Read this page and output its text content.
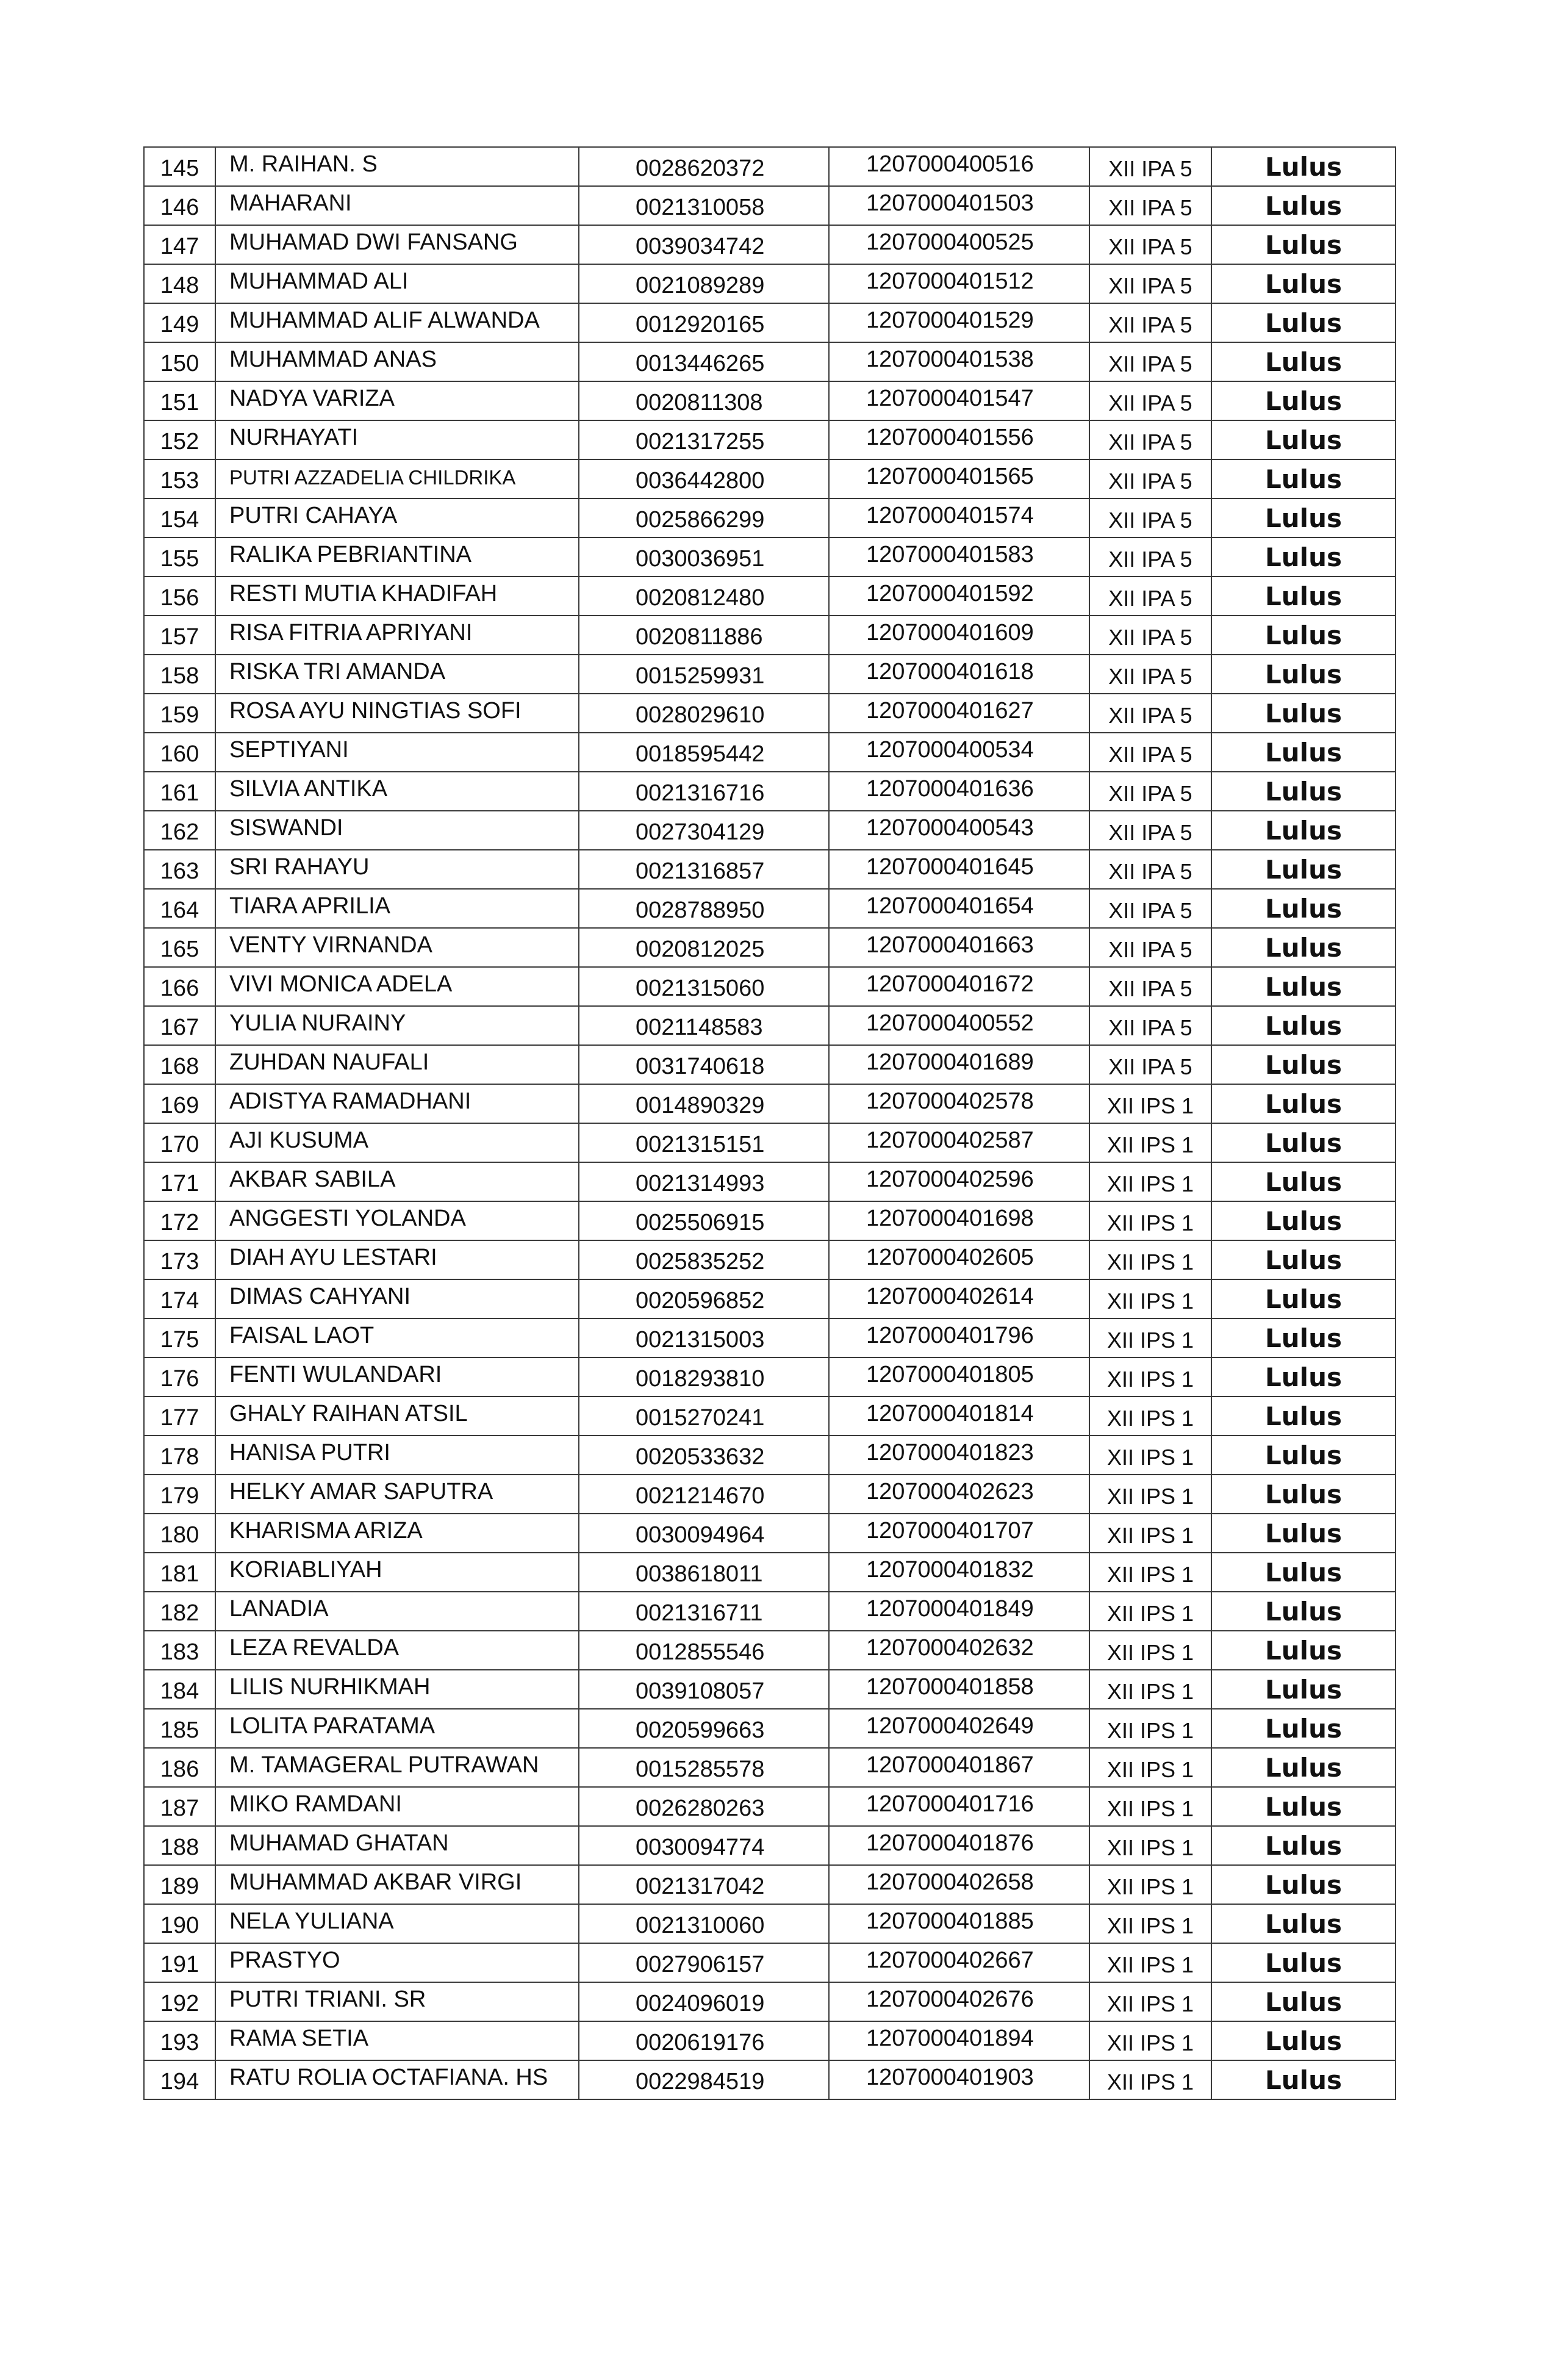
145	M. RAIHAN. S	0028620372	1207000400516	XII IPA 5	Lulus
146	MAHARANI	0021310058	1207000401503	XII IPA 5	Lulus
147	MUHAMAD DWI FANSANG	0039034742	1207000400525	XII IPA 5	Lulus
148	MUHAMMAD ALI	0021089289	1207000401512	XII IPA 5	Lulus
149	MUHAMMAD ALIF ALWANDA	0012920165	1207000401529	XII IPA 5	Lulus
150	MUHAMMAD ANAS	0013446265	1207000401538	XII IPA 5	Lulus
151	NADYA VARIZA	0020811308	1207000401547	XII IPA 5	Lulus
152	NURHAYATI	0021317255	1207000401556	XII IPA 5	Lulus
153	PUTRI AZZADELIA CHILDRIKA	0036442800	1207000401565	XII IPA 5	Lulus
154	PUTRI CAHAYA	0025866299	1207000401574	XII IPA 5	Lulus
155	RALIKA PEBRIANTINA	0030036951	1207000401583	XII IPA 5	Lulus
156	RESTI MUTIA KHADIFAH	0020812480	1207000401592	XII IPA 5	Lulus
157	RISA FITRIA APRIYANI	0020811886	1207000401609	XII IPA 5	Lulus
158	RISKA TRI AMANDA	0015259931	1207000401618	XII IPA 5	Lulus
159	ROSA AYU NINGTIAS SOFI	0028029610	1207000401627	XII IPA 5	Lulus
160	SEPTIYANI	0018595442	1207000400534	XII IPA 5	Lulus
161	SILVIA ANTIKA	0021316716	1207000401636	XII IPA 5	Lulus
162	SISWANDI	0027304129	1207000400543	XII IPA 5	Lulus
163	SRI RAHAYU	0021316857	1207000401645	XII IPA 5	Lulus
164	TIARA APRILIA	0028788950	1207000401654	XII IPA 5	Lulus
165	VENTY VIRNANDA	0020812025	1207000401663	XII IPA 5	Lulus
166	VIVI MONICA ADELA	0021315060	1207000401672	XII IPA 5	Lulus
167	YULIA NURAINY	0021148583	1207000400552	XII IPA 5	Lulus
168	ZUHDAN NAUFALI	0031740618	1207000401689	XII IPA 5	Lulus
169	ADISTYA RAMADHANI	0014890329	1207000402578	XII IPS 1	Lulus
170	AJI KUSUMA	0021315151	1207000402587	XII IPS 1	Lulus
171	AKBAR SABILA	0021314993	1207000402596	XII IPS 1	Lulus
172	ANGGESTI YOLANDA	0025506915	1207000401698	XII IPS 1	Lulus
173	DIAH AYU LESTARI	0025835252	1207000402605	XII IPS 1	Lulus
174	DIMAS CAHYANI	0020596852	1207000402614	XII IPS 1	Lulus
175	FAISAL LAOT	0021315003	1207000401796	XII IPS 1	Lulus
176	FENTI WULANDARI	0018293810	1207000401805	XII IPS 1	Lulus
177	GHALY RAIHAN ATSIL	0015270241	1207000401814	XII IPS 1	Lulus
178	HANISA PUTRI	0020533632	1207000401823	XII IPS 1	Lulus
179	HELKY AMAR SAPUTRA	0021214670	1207000402623	XII IPS 1	Lulus
180	KHARISMA ARIZA	0030094964	1207000401707	XII IPS 1	Lulus
181	KORIABLIYAH	0038618011	1207000401832	XII IPS 1	Lulus
182	LANADIA	0021316711	1207000401849	XII IPS 1	Lulus
183	LEZA REVALDA	0012855546	1207000402632	XII IPS 1	Lulus
184	LILIS NURHIKMAH	0039108057	1207000401858	XII IPS 1	Lulus
185	LOLITA PARATAMA	0020599663	1207000402649	XII IPS 1	Lulus
186	M. TAMAGERAL PUTRAWAN	0015285578	1207000401867	XII IPS 1	Lulus
187	MIKO RAMDANI	0026280263	1207000401716	XII IPS 1	Lulus
188	MUHAMAD GHATAN	0030094774	1207000401876	XII IPS 1	Lulus
189	MUHAMMAD AKBAR VIRGI	0021317042	1207000402658	XII IPS 1	Lulus
190	NELA YULIANA	0021310060	1207000401885	XII IPS 1	Lulus
191	PRASTYO	0027906157	1207000402667	XII IPS 1	Lulus
192	PUTRI TRIANI. SR	0024096019	1207000402676	XII IPS 1	Lulus
193	RAMA SETIA	0020619176	1207000401894	XII IPS 1	Lulus
194	RATU ROLIA OCTAFIANA. HS	0022984519	1207000401903	XII IPS 1	Lulus
